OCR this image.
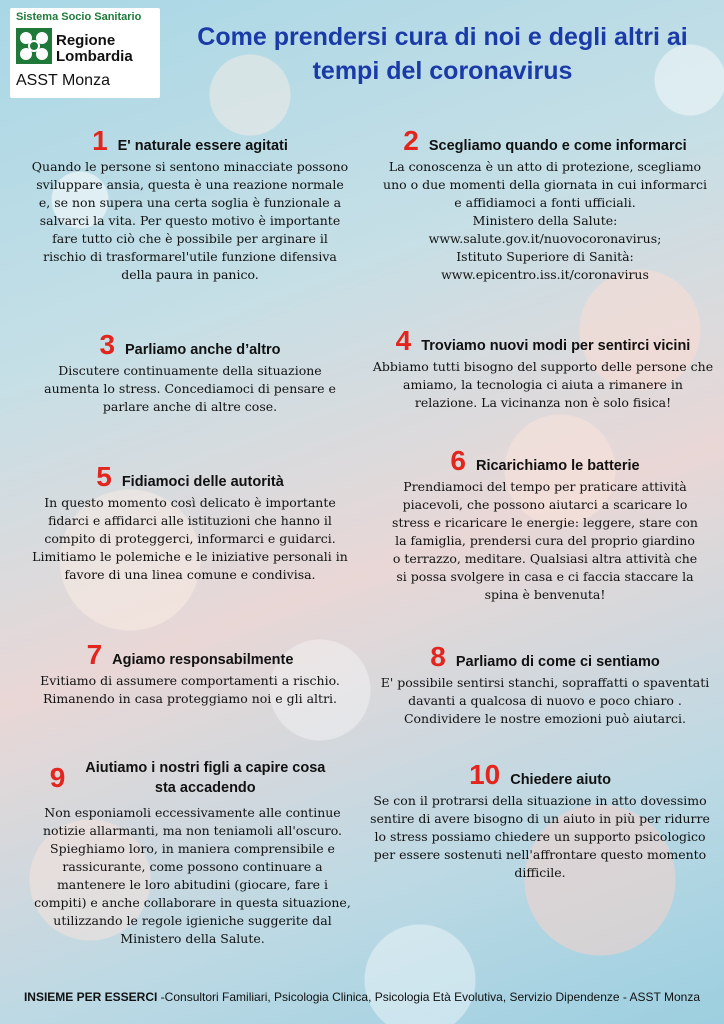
Sistema Socio Sanitario
Regione
Lombardia
ASST Monza
Come prendersi cura di noi e degli altri ai tempi del coronavirus
1 E' naturale essere agitati
Quando le persone si sentono minacciate possono sviluppare ansia, questa è una reazione normale e, se non supera una certa soglia è funzionale a salvarci la vita. Per questo motivo è importante fare tutto ciò che è possibile per arginare il rischio di trasformarel'utile funzione difensiva della paura in panico.
2 Scegliamo quando e come informarci
La conoscenza è un atto di protezione, scegliamo uno o due momenti della giornata in cui informarci e affidiamoci a fonti ufficiali.
Ministero della Salute:
www.salute.gov.it/nuovocoronavirus;
Istituto Superiore di Sanità:
www.epicentro.iss.it/coronavirus
3 Parliamo anche d’altro
Discutere continuamente della situazione aumenta lo stress. Concediamoci di pensare e parlare anche di altre cose.
4 Troviamo nuovi modi per sentirci vicini
Abbiamo tutti bisogno del supporto delle persone che amiamo, la tecnologia ci aiuta a rimanere in relazione. La vicinanza non è solo fisica!
5 Fidiamoci delle autorità
In questo momento così delicato è importante fidarci e affidarci alle istituzioni che hanno il compito di proteggerci, informarci e guidarci. Limitiamo le polemiche e le iniziative personali in favore di una linea comune e condivisa.
6 Ricarichiamo le batterie
Prendiamoci del tempo per praticare attività piacevoli, che possono aiutarci a scaricare lo stress e ricaricare le energie: leggere, stare con la famiglia, prendersi cura del proprio giardino o terrazzo, meditare. Qualsiasi altra attività che si possa svolgere in casa e ci faccia staccare la spina è benvenuta!
7 Agiamo responsabilmente
Evitiamo di assumere comportamenti a rischio. Rimanendo in casa proteggiamo noi e gli altri.
8 Parliamo di come ci sentiamo
E' possibile sentirsi stanchi, sopraffatti o spaventati davanti a qualcosa di nuovo e poco chiaro . Condividere le nostre emozioni può aiutarci.
9	Aiutiamo i nostri figli a capire cosa sta accadendo
Non esponiamoli eccessivamente alle continue notizie allarmanti, ma non teniamoli all'oscuro. Spieghiamo loro, in maniera comprensibile e rassicurante, come possono continuare a mantenere le loro abitudini (giocare, fare i compiti) e anche collaborare in questa situazione, utilizzando le regole igieniche suggerite dal Ministero della Salute.
10 Chiedere aiuto
Se con il protrarsi della situazione in atto dovessimo sentire di avere bisogno di un aiuto in più per ridurre lo stress possiamo chiedere un supporto psicologico per essere sostenuti nell'affrontare questo momento difficile.
INSIEME PER ESSERCI -Consultori Familiari, Psicologia Clinica, Psicologia Età Evolutiva, Servizio Dipendenze - ASST Monza
